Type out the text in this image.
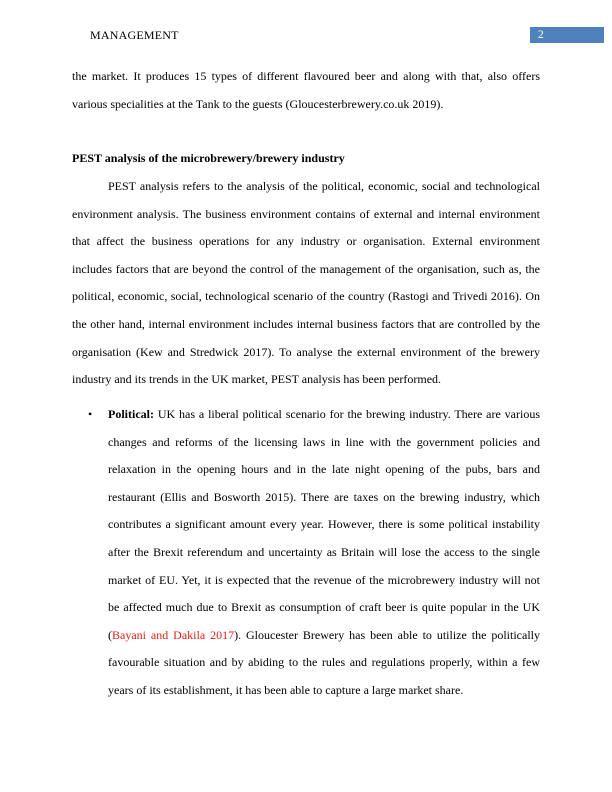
MANAGEMENT	2

the market. It produces 15 types of different flavoured beer and along with that, also offers various specialities at the Tank to the guests (Gloucesterbrewery.co.uk 2019).

PEST analysis of the microbrewery/brewery industry

PEST analysis refers to the analysis of the political, economic, social and technological environment analysis. The business environment contains of external and internal environment that affect the business operations for any industry or organisation. External environment includes factors that are beyond the control of the management of the organisation, such as, the political, economic, social, technological scenario of the country (Rastogi and Trivedi 2016). On the other hand, internal environment includes internal business factors that are controlled by the organisation (Kew and Stredwick 2017). To analyse the external environment of the brewery industry and its trends in the UK market, PEST analysis has been performed.

• Political: UK has a liberal political scenario for the brewing industry. There are various changes and reforms of the licensing laws in line with the government policies and relaxation in the opening hours and in the late night opening of the pubs, bars and restaurant (Ellis and Bosworth 2015). There are taxes on the brewing industry, which contributes a significant amount every year. However, there is some political instability after the Brexit referendum and uncertainty as Britain will lose the access to the single market of EU. Yet, it is expected that the revenue of the microbrewery industry will not be affected much due to Brexit as consumption of craft beer is quite popular in the UK (Bayani and Dakila 2017). Gloucester Brewery has been able to utilize the politically favourable situation and by abiding to the rules and regulations properly, within a few years of its establishment, it has been able to capture a large market share.
